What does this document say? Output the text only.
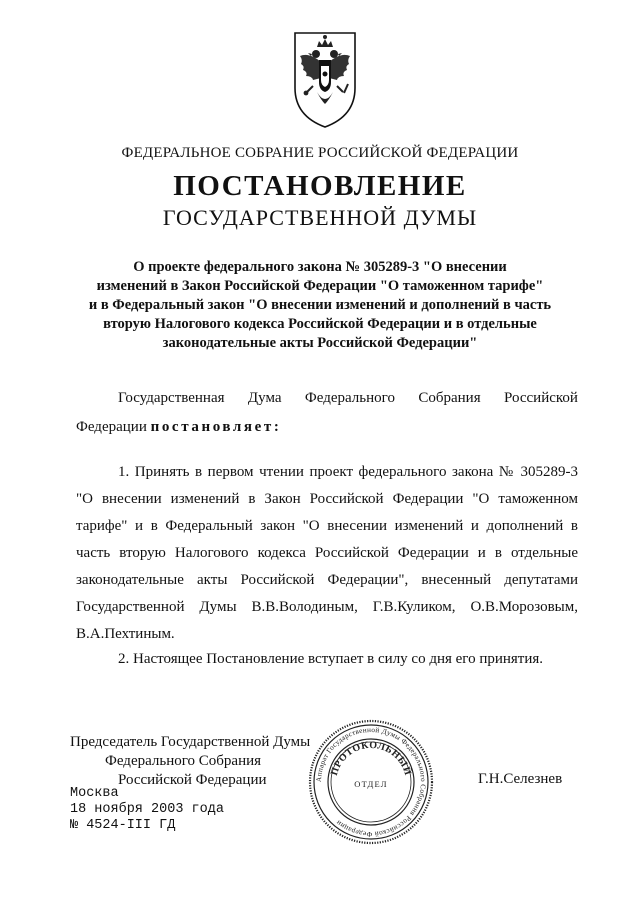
ФЕДЕРАЛЬНОЕ СОБРАНИЕ РОССИЙСКОЙ ФЕДЕРАЦИИ
ПОСТАНОВЛЕНИЕ
ГОСУДАРСТВЕННОЙ ДУМЫ
О проекте федерального закона № 305289-3 "О внесении
изменений в Закон Российской Федерации "О таможенном тарифе"
и в Федеральный закон "О внесении изменений и дополнений в часть
вторую Налогового кодекса Российской Федерации и в отдельные
законодательные акты Российской Федерации"
Государственная Дума Федерального Собрания Российской
Федерации постановляет:
1. Принять в первом чтении проект федерального закона № 305289-3
"О внесении изменений в Закон Российской Федерации "О таможенном
тарифе" и в Федеральный закон "О внесении изменений и дополнений в
часть вторую Налогового кодекса Российской Федерации и в отдельные
законодательные акты Российской Федерации", внесенный депутатами
Государственной Думы В.В.Володиным, Г.В.Куликом, О.В.Морозовым,
В.А.Пехтиным.
2. Настоящее Постановление вступает в силу со дня его принятия.
Председатель Государственной Думы
Федерального Собрания
Российской Федерации	Г.Н.Селезнев
Москва
18 ноября 2003 года
№ 4524-III ГД
Аппарат Государственной Думы Федерального Собрания Российской Федерации
ПРОТОКОЛЬНЫЙ
ОТДЕЛ
